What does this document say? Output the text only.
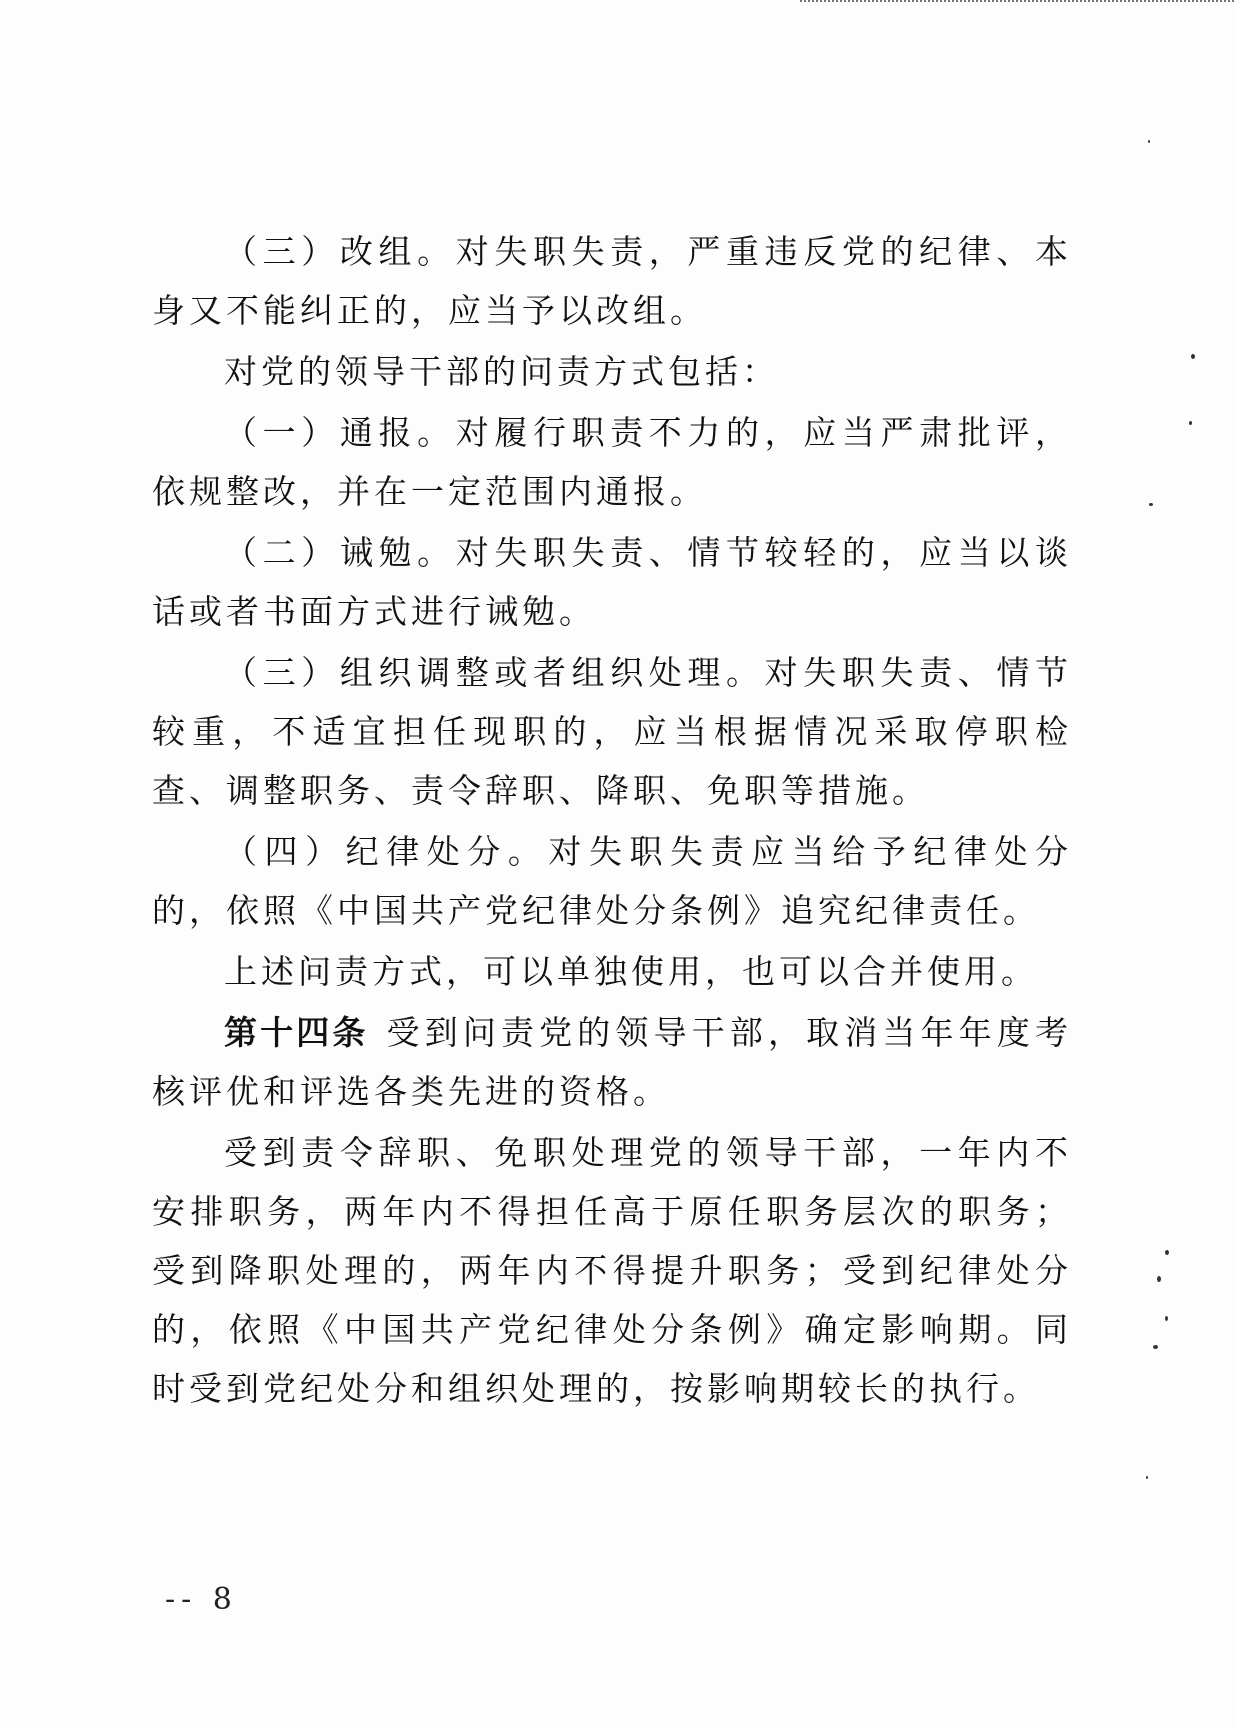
（三）改组。对失职失责，严重违反党的纪律、本身又不能纠正的，应当予以改组。

对党的领导干部的问责方式包括：

（一）通报。对履行职责不力的，应当严肃批评，依规整改，并在一定范围内通报。

（二）诫勉。对失职失责、情节较轻的，应当以谈话或者书面方式进行诫勉。

（三）组织调整或者组织处理。对失职失责、情节较重，不适宜担任现职的，应当根据情况采取停职检查、调整职务、责令辞职、降职、免职等措施。

（四）纪律处分。对失职失责应当给予纪律处分的，依照《中国共产党纪律处分条例》追究纪律责任。

上述问责方式，可以单独使用，也可以合并使用。

第十四条 受到问责党的领导干部，取消当年年度考核评优和评选各类先进的资格。

受到责令辞职、免职处理党的领导干部，一年内不安排职务，两年内不得担任高于原任职务层次的职务；受到降职处理的，两年内不得提升职务；受到纪律处分的，依照《中国共产党纪律处分条例》确定影响期。同时受到党纪处分和组织处理的，按影响期较长的执行。

-- 8
